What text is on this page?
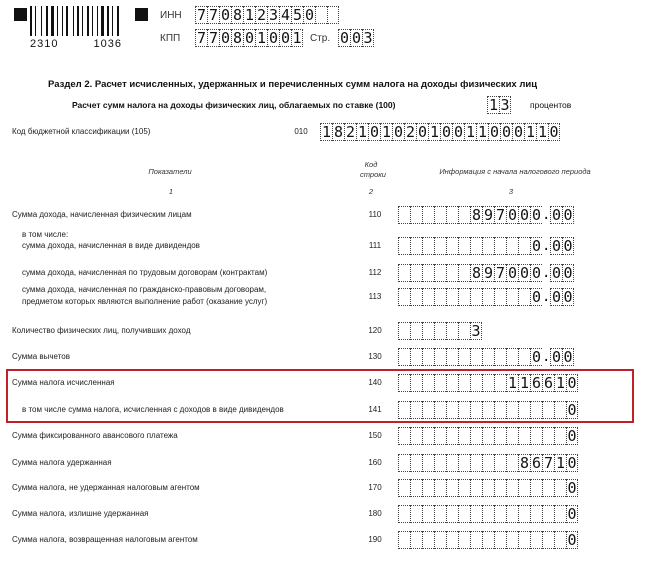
2310	1036
ИНН 7 7 0 8 1 2 3 4 5 0
КПП 7 7 0 8 0 1 0 0 1 Стр. 0 0 3
Раздел 2. Расчет исчисленных, удержанных и перечисленных сумм налога на доходы физических лиц
Расчет сумм налога на доходы физических лиц, облагаемых по ставке (100)	1 3 процентов
Код бюджетной классификации (105)	010 1 8 2 1 0 1 0 2 0 1 0 0 1 1 0 0 0 1 1 0
Показатели
Код строки	Информация с начала налогового периода
1	2	3
Сумма дохода, начисленная физическим лицам	110	8 9 7 0 0 0 . 0 0
в том числе:
сумма дохода, начисленная в виде дивидендов	111	0 . 0 0
сумма дохода, начисленная по трудовым договорам (контрактам)	112	8 9 7 0 0 0 . 0 0
сумма дохода, начисленная по гражданско-правовым договорам,
предметом которых являются выполнение работ (оказание услуг)
113	0 . 0 0
Количество физических лиц, получивших доход	120	3
Сумма вычетов	130	0 . 0 0
Сумма налога исчисленная	140	1 1 6 6 1 0
в том числе сумма налога, исчисленная с доходов в виде дивидендов	141	0
Сумма фиксированного авансового платежа	150	0
Сумма налога удержанная	160	8 6 7 1 0
Сумма налога, не удержанная налоговым агентом	170	0
Сумма налога, излишне удержанная	180	0
Сумма налога, возвращенная налоговым агентом	190	0
